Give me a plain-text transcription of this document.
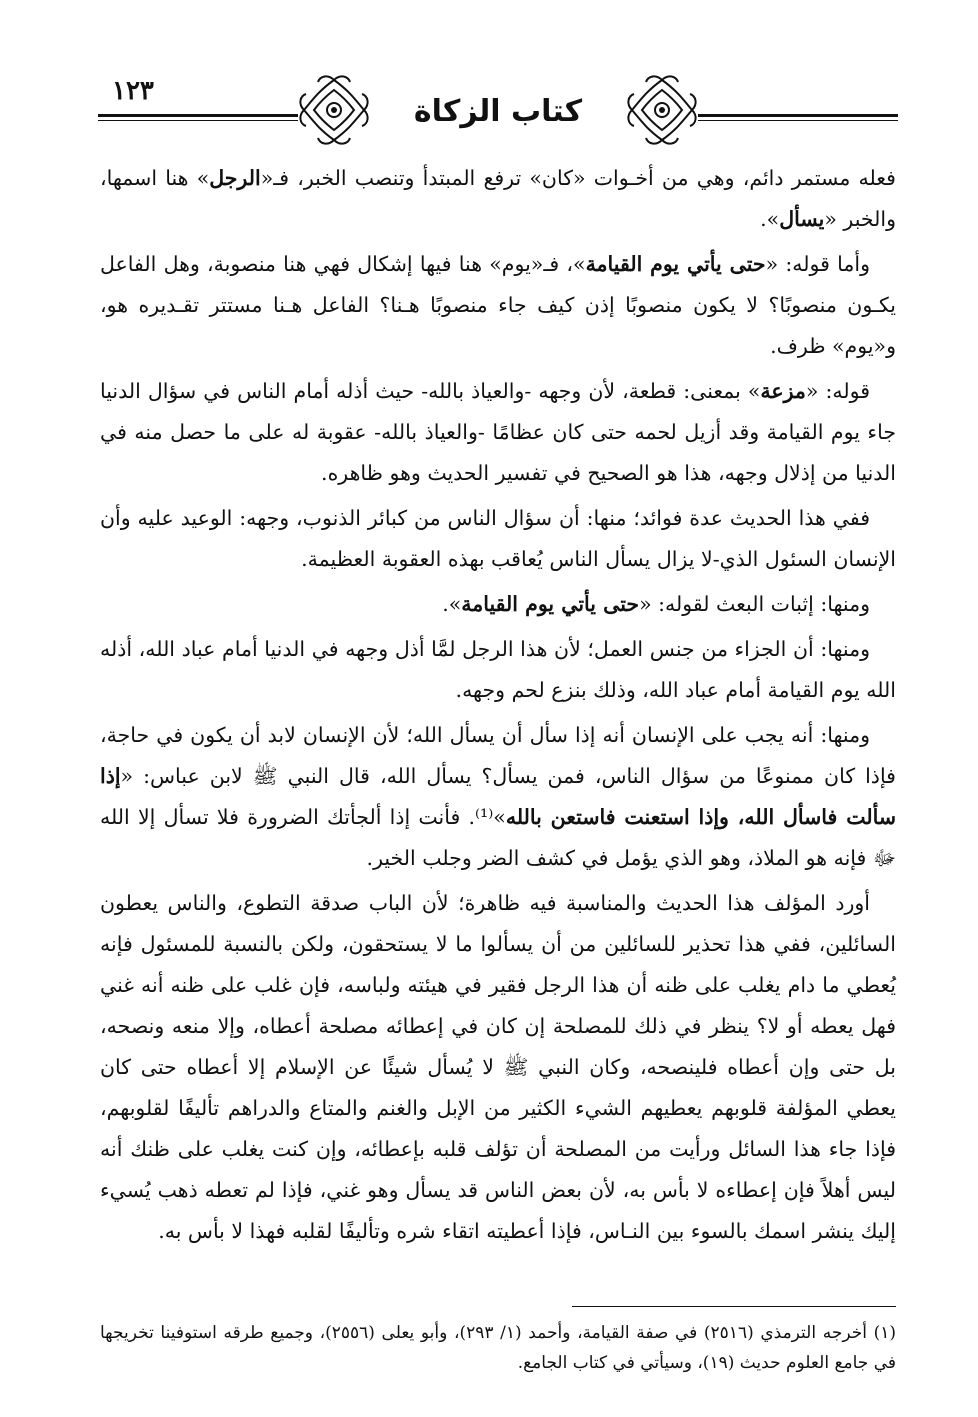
١٢٣
كتاب الزكاة

فعله مستمر دائم، وهي من أخـوات «كان» ترفع المبتدأ وتنصب الخبر، فـ«الرجل» هنا اسمها، والخبر «يسأل».

وأما قوله: «حتى يأتي يوم القيامة»، فـ«يوم» هنا فيها إشكال فهي هنا منصوبة، وهل الفاعل يكـون منصوبًا؟ لا يكون منصوبًا إذن كيف جاء منصوبًا هـنا؟ الفاعل هـنا مستتر تقـديره هو، و«يوم» ظرف.

قوله: «مزعة» بمعنى: قطعة، لأن وجهه -والعياذ بالله- حيث أذله أمام الناس في سؤال الدنيا جاء يوم القيامة وقد أزيل لحمه حتى كان عظامًا -والعياذ بالله- عقوبة له على ما حصل منه في الدنيا من إذلال وجهه، هذا هو الصحيح في تفسير الحديث وهو ظاهره.

ففي هذا الحديث عدة فوائد؛ منها: أن سؤال الناس من كبائر الذنوب، وجهه: الوعيد عليه وأن الإنسان السئول الذي-لا يزال يسأل الناس يُعاقب بهذه العقوبة العظيمة.

ومنها: إثبات البعث لقوله: «حتى يأتي يوم القيامة».

ومنها: أن الجزاء من جنس العمل؛ لأن هذا الرجل لمَّا أذل وجهه في الدنيا أمام عباد الله، أذله الله يوم القيامة أمام عباد الله، وذلك بنزع لحم وجهه.

ومنها: أنه يجب على الإنسان أنه إذا سأل أن يسأل الله؛ لأن الإنسان لابد أن يكون في حاجة، فإذا كان ممنوعًا من سؤال الناس، فمن يسأل؟ يسأل الله، قال النبي ﷺ لابن عباس: «إذا سألت فاسأل الله، وإذا استعنت فاستعن بالله»⁽¹⁾. فأنت إذا ألجأتك الضرورة فلا تسأل إلا الله ﷻ فإنه هو الملاذ، وهو الذي يؤمل في كشف الضر وجلب الخير.

أورد المؤلف هذا الحديث والمناسبة فيه ظاهرة؛ لأن الباب صدقة التطوع، والناس يعطون السائلين، ففي هذا تحذير للسائلين من أن يسألوا ما لا يستحقون، ولكن بالنسبة للمسئول فإنه يُعطي ما دام يغلب على ظنه أن هذا الرجل فقير في هيئته ولباسه، فإن غلب على ظنه أنه غني فهل يعطه أو لا؟ ينظر في ذلك للمصلحة إن كان في إعطائه مصلحة أعطاه، وإلا منعه ونصحه، بل حتى وإن أعطاه فلينصحه، وكان النبي ﷺ لا يُسأل شيئًا عن الإسلام إلا أعطاه حتى كان يعطي المؤلفة قلوبهم يعطيهم الشيء الكثير من الإبل والغنم والمتاع والدراهم تأليفًا لقلوبهم، فإذا جاء هذا السائل ورأيت من المصلحة أن تؤلف قلبه بإعطائه، وإن كنت يغلب على ظنك أنه ليس أهلاً فإن إعطاءه لا بأس به، لأن بعض الناس قد يسأل وهو غني، فإذا لم تعطه ذهب يُسيء إليك ينشر اسمك بالسوء بين النـاس، فإذا أعطيته اتقاء شره وتأليفًا لقلبه فهذا لا بأس به.

(١) أخرجه الترمذي (٢٥١٦) في صفة القيامة، وأحمد (١/ ٢٩٣)، وأبو يعلى (٢٥٥٦)، وجميع طرقه استوفينا تخريجها في جامع العلوم حديث (١٩)، وسيأتي في كتاب الجامع.
